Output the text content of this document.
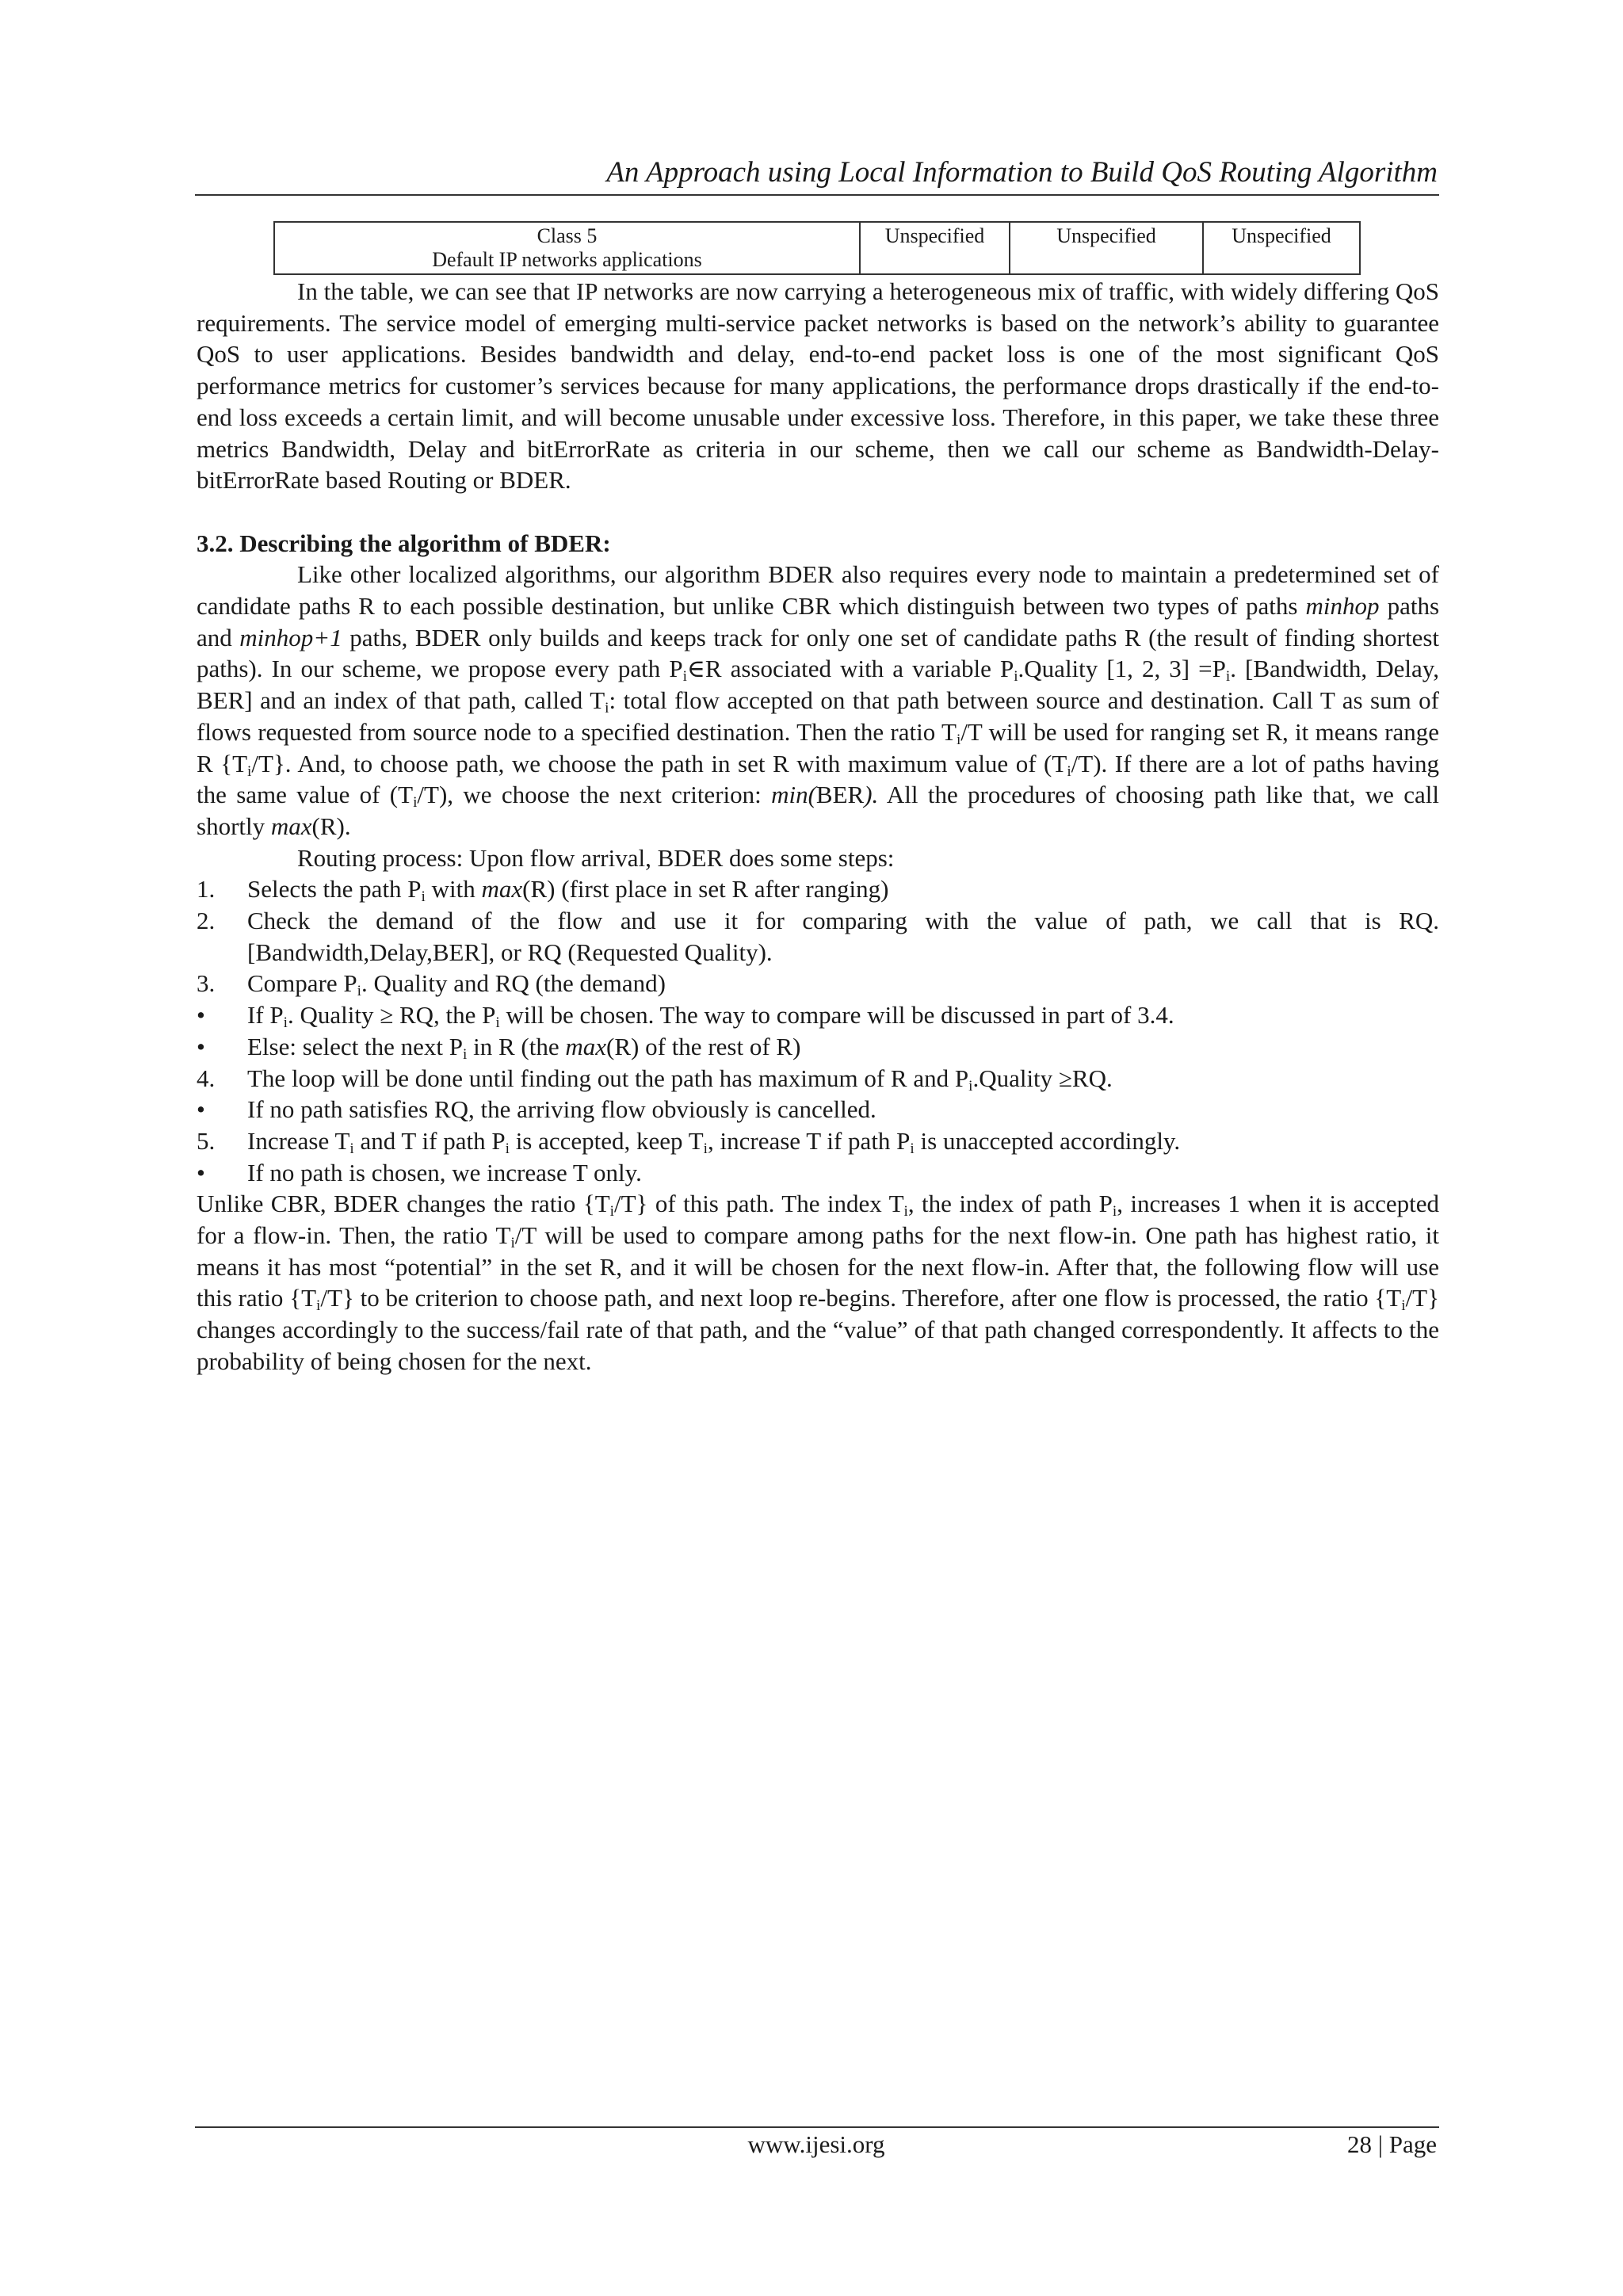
An Approach using Local Information to Build QoS Routing Algorithm
Class 5
Default IP networks applications
	Unspecified	Unspecified	Unspecified

In the table, we can see that IP networks are now carrying a heterogeneous mix of traffic, with widely differing QoS requirements. The service model of emerging multi-service packet networks is based on the network’s ability to guarantee QoS to user applications. Besides bandwidth and delay, end-to-end packet loss is one of the most significant QoS performance metrics for customer’s services because for many applications, the performance drops drastically if the end-to-end loss exceeds a certain limit, and will become unusable under excessive loss. Therefore, in this paper, we take these three metrics Bandwidth, Delay and bitErrorRate as criteria in our scheme, then we call our scheme as Bandwidth-Delay-bitErrorRate based Routing or BDER.

3.2. Describing the algorithm of BDER:

Like other localized algorithms, our algorithm BDER also requires every node to maintain a predetermined set of candidate paths R to each possible destination, but unlike CBR which distinguish between two types of paths minhop paths and minhop+1 paths, BDER only builds and keeps track for only one set of candidate paths R (the result of finding shortest paths). In our scheme, we propose every path $P_i\in R$ associated with a variable $P_i.Quality$ [1, 2, $3] =P_i$. [Bandwidth, Delay, BER] and an index of that path, called $T_i$: total flow accepted on that path between source and destination. Call T as sum of flows requested from source node to a specified destination. Then the ratio $T_i/T$ will be used for ranging set R, it means range R $\{T_i/T\}$. And, to choose path, we choose the path in set R with maximum value of $(T_i/T)$. If there are a lot of paths having the same value of $(T_i/T)$, we choose the next criterion: min(BER). All the procedures of choosing path like that, we call shortly max(R).

Routing process: Upon flow arrival, BDER does some steps:

1. Selects the path $P_i$ with max(R) (first place in set R after ranging)
2. Check the demand of the flow and use it for comparing with the value of path, we call that is RQ.[Bandwidth,Delay,BER], or RQ (Requested Quality).
3. Compare $P_i$. Quality and RQ (the demand)
• If $P_i$. Quality ≥ RQ, the $P_i$ will be chosen. The way to compare will be discussed in part of 3.4.
• Else: select the next $P_i$ in R (the max(R) of the rest of R)
4. The loop will be done until finding out the path has maximum of R and $P_i.Quality \ge RQ$.
• If no path satisfies RQ, the arriving flow obviously is cancelled.
5. Increase $T_i$ and T if path $P_i$ is accepted, keep $T_i$, increase T if path $P_i$ is unaccepted accordingly.
• If no path is chosen, we increase T only.

Unlike CBR, BDER changes the ratio $\{T_i/T\}$ of this path. The index $T_i$, the index of path $P_i$, increases 1 when it is accepted for a flow-in. Then, the ratio $T_i/T$ will be used to compare among paths for the next flow-in. One path has highest ratio, it means it has most “potential” in the set R, and it will be chosen for the next flow-in. After that, the following flow will use this ratio $\{T_i/T\}$ to be criterion to choose path, and next loop re-begins. Therefore, after one flow is processed, the ratio $\{T_i/T\}$ changes accordingly to the success/fail rate of that path, and the “value” of that path changed correspondently. It affects to the probability of being chosen for the next.

www.ijesi.org	28 | Page
